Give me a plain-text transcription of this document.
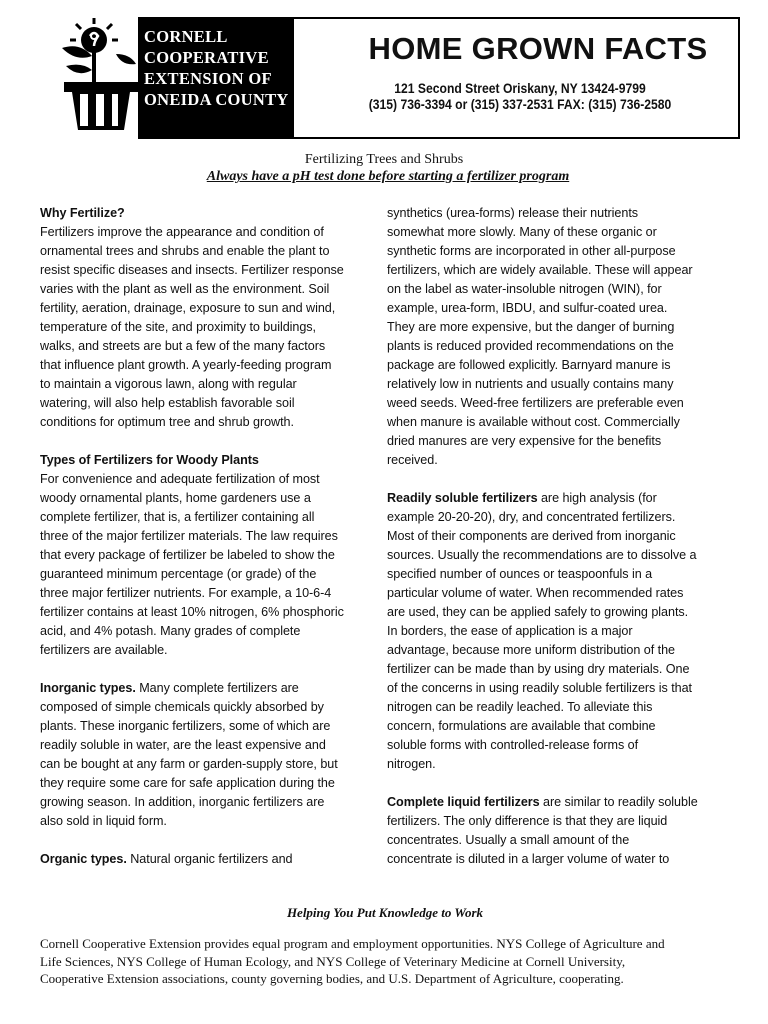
CORNELL
COOPERATIVE
EXTENSION OF
ONEIDA COUNTY
HOME GROWN FACTS
121 Second Street Oriskany, NY 13424-9799
(315) 736-3394 or (315) 337-2531 FAX: (315) 736-2580
Fertilizing Trees and Shrubs
Always have a pH test done before starting a fertilizer program
Why Fertilize?
Fertilizers improve the appearance and condition of
ornamental trees and shrubs and enable the plant to
resist specific diseases and insects. Fertilizer response
varies with the plant as well as the environment. Soil
fertility, aeration, drainage, exposure to sun and wind,
temperature of the site, and proximity to buildings,
walks, and streets are but a few of the many factors
that influence plant growth. A yearly-feeding program
to maintain a vigorous lawn, along with regular
watering, will also help establish favorable soil
conditions for optimum tree and shrub growth.
Types of Fertilizers for Woody Plants
For convenience and adequate fertilization of most
woody ornamental plants, home gardeners use a
complete fertilizer, that is, a fertilizer containing all
three of the major fertilizer materials. The law requires
that every package of fertilizer be labeled to show the
guaranteed minimum percentage (or grade) of the
three major fertilizer nutrients. For example, a 10-6-4
fertilizer contains at least 10% nitrogen, 6% phosphoric
acid, and 4% potash. Many grades of complete
fertilizers are available.
Inorganic types. Many complete fertilizers are
composed of simple chemicals quickly absorbed by
plants. These inorganic fertilizers, some of which are
readily soluble in water, are the least expensive and
can be bought at any farm or garden-supply store, but
they require some care for safe application during the
growing season. In addition, inorganic fertilizers are
also sold in liquid form.
Organic types. Natural organic fertilizers and
synthetics (urea-forms) release their nutrients
somewhat more slowly. Many of these organic or
synthetic forms are incorporated in other all-purpose
fertilizers, which are widely available. These will appear
on the label as water-insoluble nitrogen (WIN), for
example, urea-form, IBDU, and sulfur-coated urea.
They are more expensive, but the danger of burning
plants is reduced provided recommendations on the
package are followed explicitly. Barnyard manure is
relatively low in nutrients and usually contains many
weed seeds. Weed-free fertilizers are preferable even
when manure is available without cost. Commercially
dried manures are very expensive for the benefits
received.
Readily soluble fertilizers are high analysis (for
example 20-20-20), dry, and concentrated fertilizers.
Most of their components are derived from inorganic
sources. Usually the recommendations are to dissolve a
specified number of ounces or teaspoonfuls in a
particular volume of water. When recommended rates
are used, they can be applied safely to growing plants.
In borders, the ease of application is a major
advantage, because more uniform distribution of the
fertilizer can be made than by using dry materials. One
of the concerns in using readily soluble fertilizers is that
nitrogen can be readily leached. To alleviate this
concern, formulations are available that combine
soluble forms with controlled-release forms of
nitrogen.
Complete liquid fertilizers are similar to readily soluble
fertilizers. The only difference is that they are liquid
concentrates. Usually a small amount of the
concentrate is diluted in a larger volume of water to
Helping You Put Knowledge to Work
Cornell Cooperative Extension provides equal program and employment opportunities. NYS College of Agriculture and
Life Sciences, NYS College of Human Ecology, and NYS College of Veterinary Medicine at Cornell University,
Cooperative Extension associations, county governing bodies, and U.S. Department of Agriculture, cooperating.
